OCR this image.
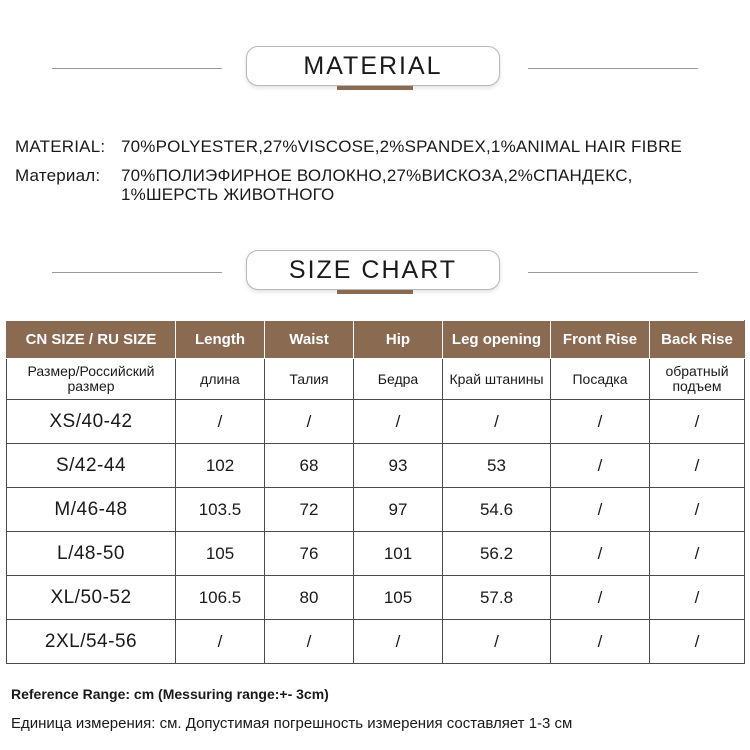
MATERIAL
MATERIAL: 70%POLYESTER,27%VISCOSE,2%SPANDEX,1%ANIMAL HAIR FIBRE
Материал: 70%ПОЛИЭФИРНОЕ ВОЛОКНО,27%ВИСКОЗА,2%СПАНДЕКС,
1%ШЕРСТЬ ЖИВОТНОГО
SIZE CHART
CN SIZE / RU SIZE	Length	Waist	Hip	Leg opening	Front Rise	Back Rise
Размер/Российский размер	длина	Талия	Бедра	Край штанины	Посадка	обратный подъем
XS/40-42	/	/	/	/	/	/
S/42-44	102	68	93	53	/	/
M/46-48	103.5	72	97	54.6	/	/
L/48-50	105	76	101	56.2	/	/
XL/50-52	106.5	80	105	57.8	/	/
2XL/54-56	/	/	/	/	/	/
Reference Range: cm (Messuring range:+- 3cm)
Единица измерения: см. Допустимая погрешность измерения составляет 1-3 см
